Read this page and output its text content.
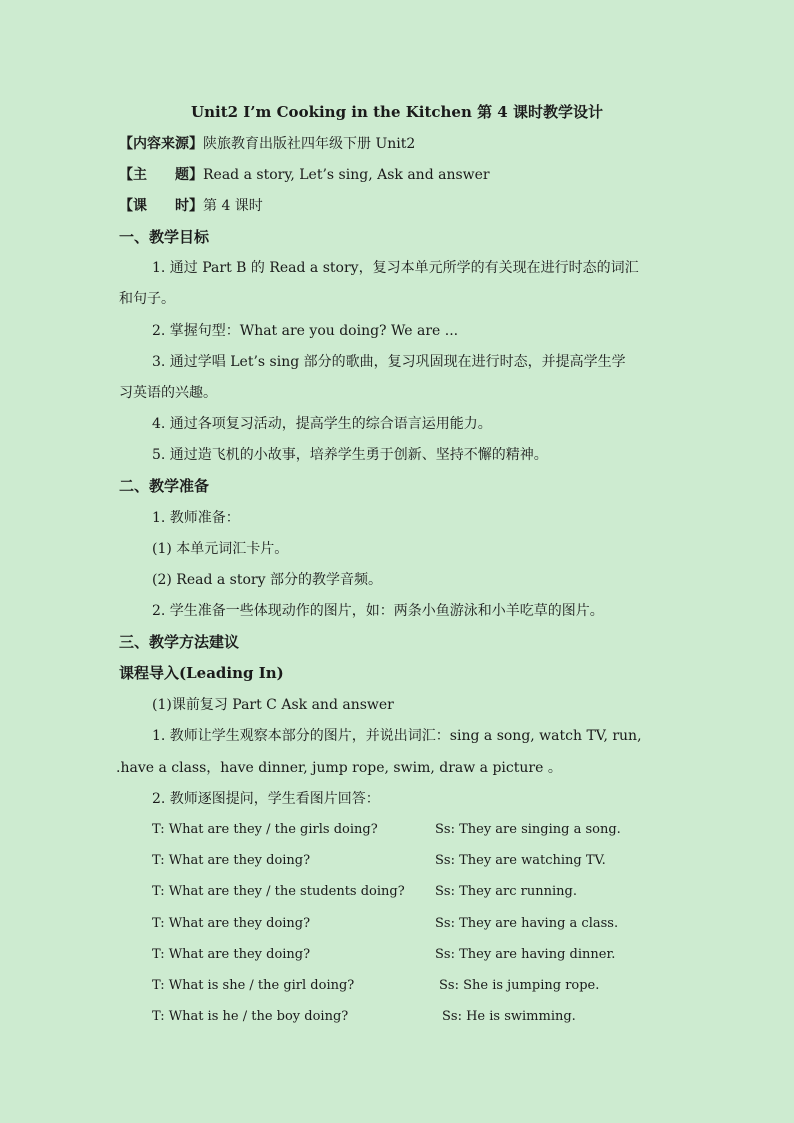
Unit2 I’m Cooking in the Kitchen 第 4 课时教学设计
【内容来源】陕旅教育出版社四年级下册 Unit2
【主　　题】Read a story, Let’s sing, Ask and answer
【课　　时】第 4 课时
一、教学目标
1. 通过 Part B 的 Read a story，复习本单元所学的有关现在进行时态的词汇
和句子。
2. 掌握句型：What are you doing? We are ...
3. 通过学唱 Let’s sing 部分的歌曲，复习巩固现在进行时态，并提高学生学
习英语的兴趣。
4. 通过各项复习活动，提高学生的综合语言运用能力。
5. 通过造飞机的小故事，培养学生勇于创新、坚持不懈的精神。
二、教学准备
1. 教师准备：
(1) 本单元词汇卡片。
(2) Read a story 部分的教学音频。
2. 学生准备一些体现动作的图片，如：两条小鱼游泳和小羊吃草的图片。
三、教学方法建议
课程导入(Leading In)
(1)课前复习 Part C Ask and answer
1. 教师让学生观察本部分的图片，并说出词汇：sing a song, watch TV, run,
.have a class，have dinner, jump rope, swim, draw a picture 。
2. 教师逐图提问，学生看图片回答：
T: What are they / the girls doing?	Ss: They are singing a song.
T: What are they doing?	Ss: They are watching TV.
T: What are they / the students doing? Ss: They arc running.
T: What are they doing?	Ss: They are having a class.
T: What are they doing?	Ss: They are having dinner.
T: What is she / the girl doing?	Ss: She is jumping rope.
T: What is he / the boy doing?	Ss: He is swimming.
